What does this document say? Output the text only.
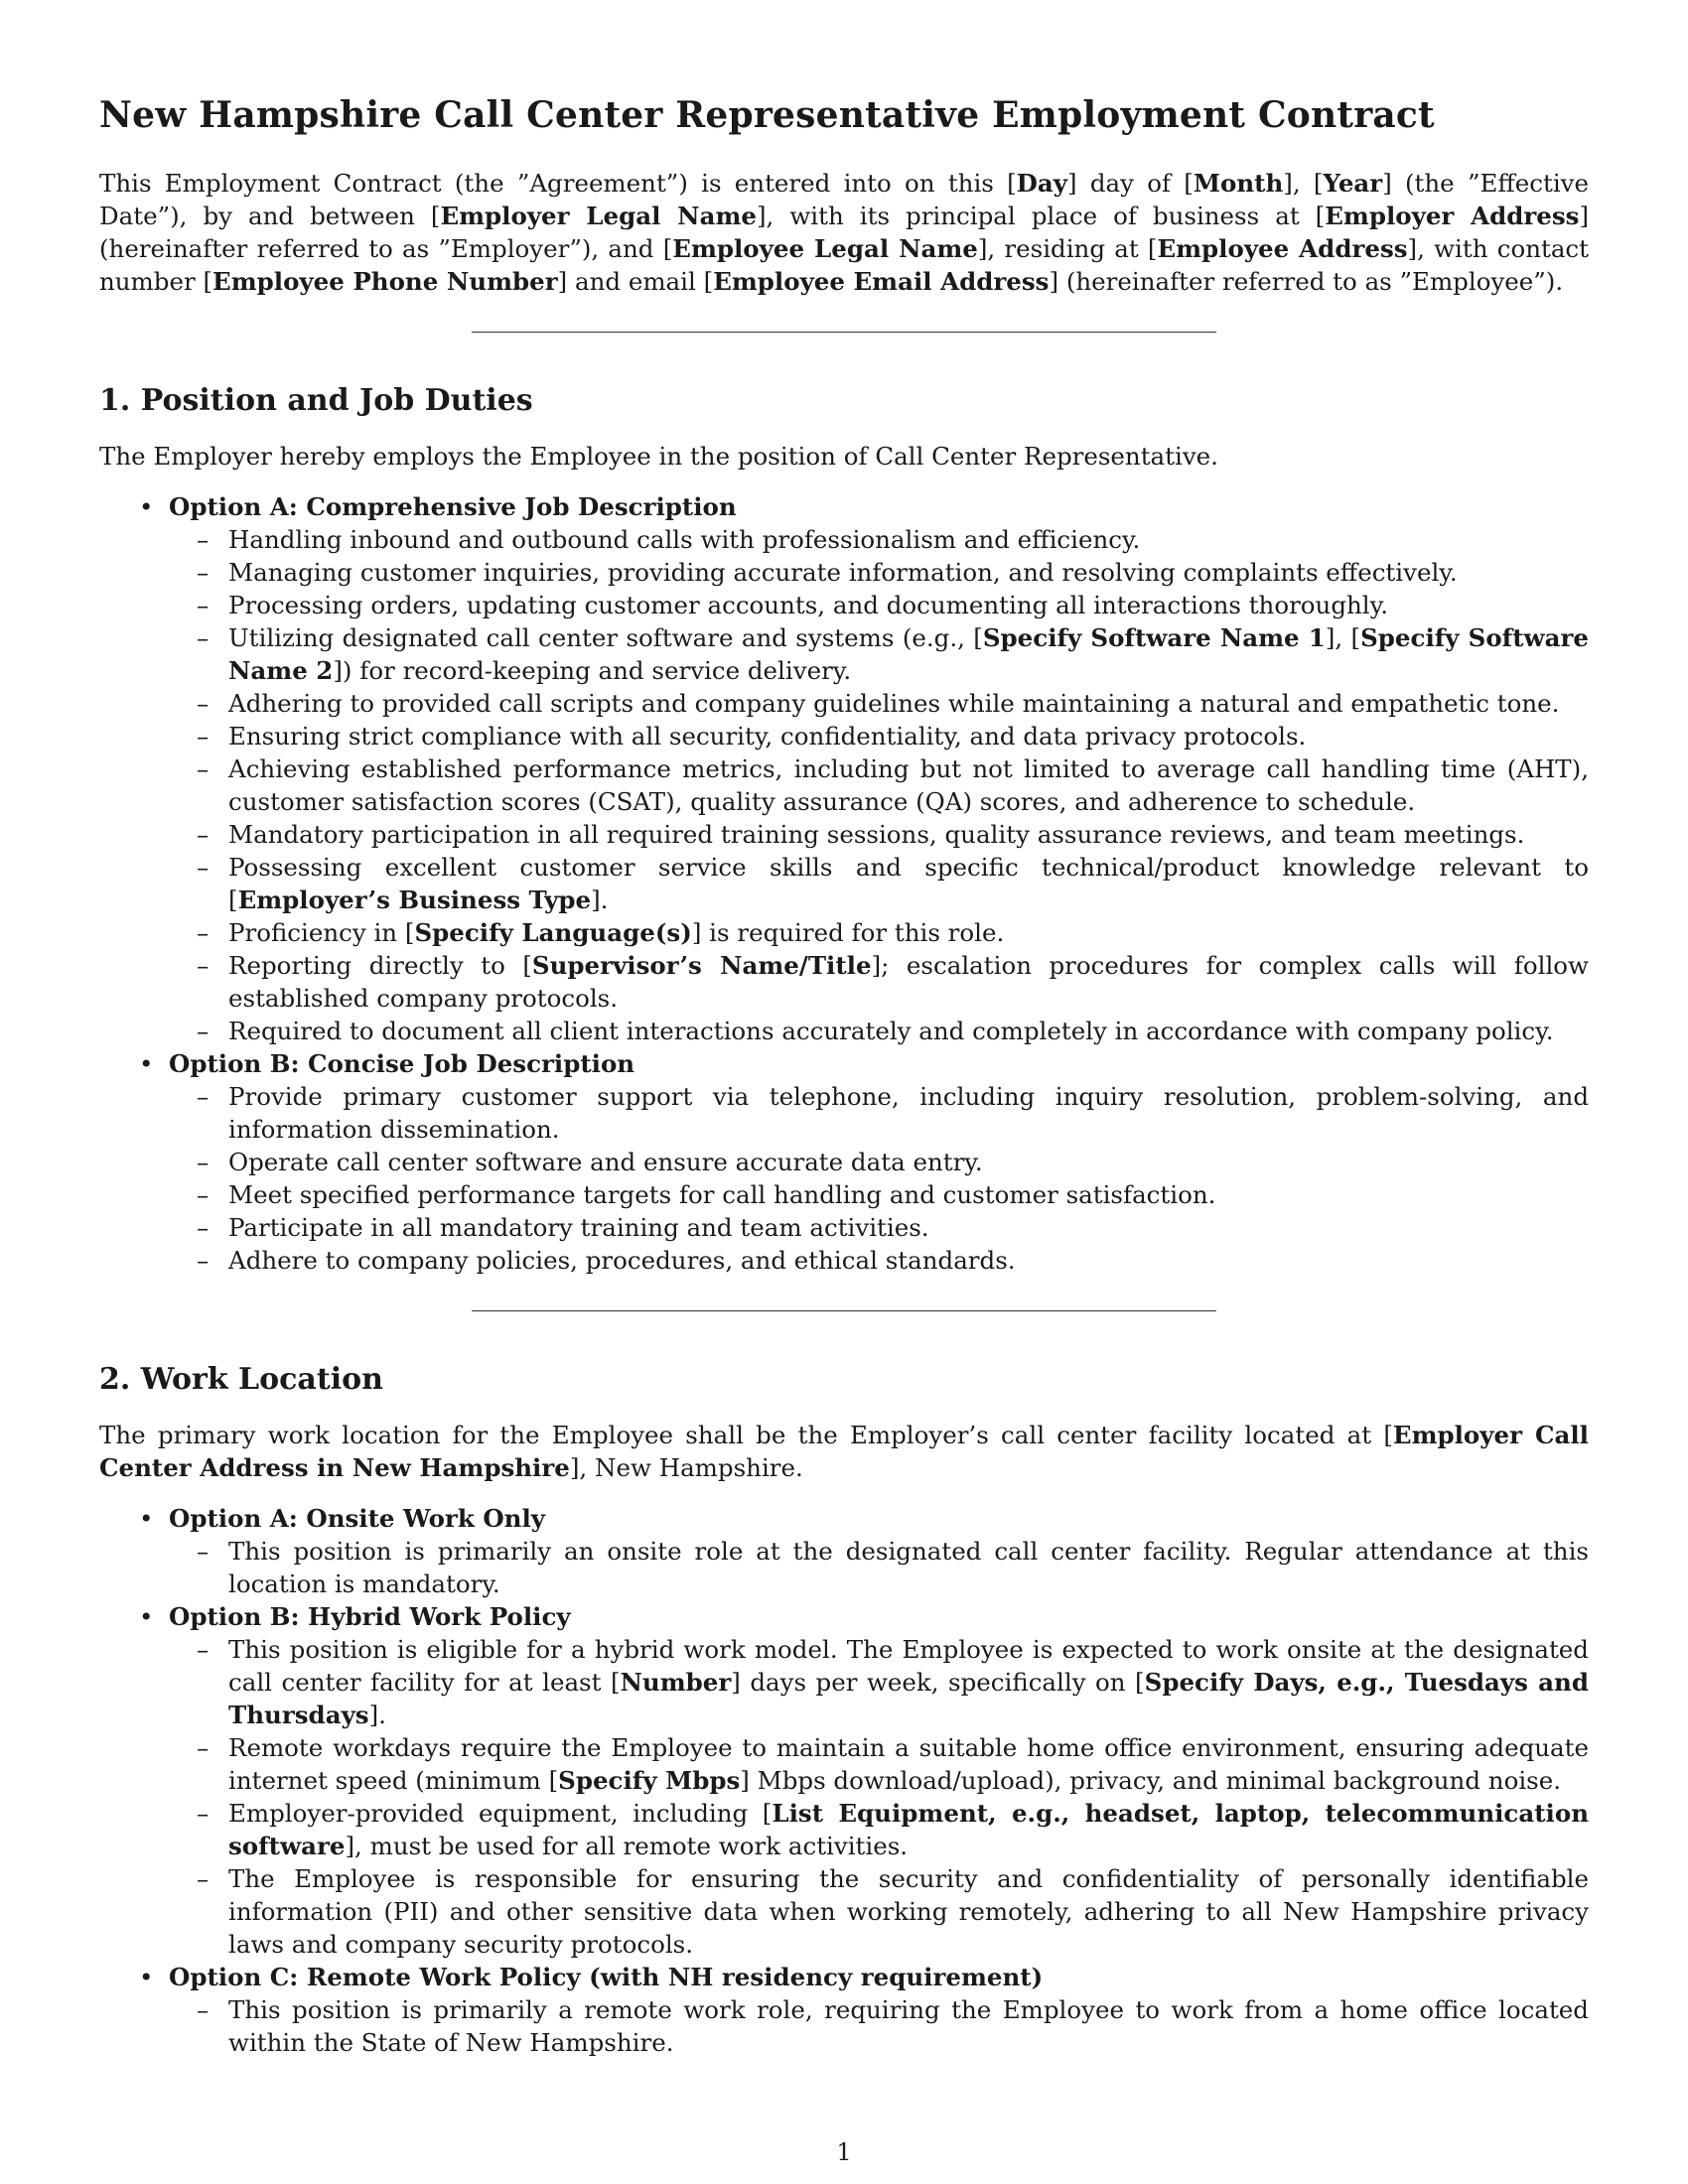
New Hampshire Call Center Representative Employment Contract

This Employment Contract (the ”Agreement”) is entered into on this [Day] day of [Month], [Year] (the ”Effective Date”), by and between [Employer Legal Name], with its principal place of business at [Employer Address] (hereinafter referred to as ”Employer”), and [Employee Legal Name], residing at [Employee Address], with contact number [Employee Phone Number] and email [Employee Email Address] (hereinafter referred to as ”Employee”).

1. Position and Job Duties

The Employer hereby employs the Employee in the position of Call Center Representative.

• Option A: Comprehensive Job Description
– Handling inbound and outbound calls with professionalism and efficiency.
– Managing customer inquiries, providing accurate information, and resolving complaints effectively.
– Processing orders, updating customer accounts, and documenting all interactions thoroughly.
– Utilizing designated call center software and systems (e.g., [Specify Software Name 1], [Specify Software Name 2]) for record-keeping and service delivery.
– Adhering to provided call scripts and company guidelines while maintaining a natural and empathetic tone.
– Ensuring strict compliance with all security, confidentiality, and data privacy protocols.
– Achieving established performance metrics, including but not limited to average call handling time (AHT), customer satisfaction scores (CSAT), quality assurance (QA) scores, and adherence to schedule.
– Mandatory participation in all required training sessions, quality assurance reviews, and team meetings.
– Possessing excellent customer service skills and specific technical/product knowledge relevant to [Employer’s Business Type].
– Proficiency in [Specify Language(s)] is required for this role.
– Reporting directly to [Supervisor’s Name/Title]; escalation procedures for complex calls will follow established company protocols.
– Required to document all client interactions accurately and completely in accordance with company policy.
• Option B: Concise Job Description
– Provide primary customer support via telephone, including inquiry resolution, problem-solving, and information dissemination.
– Operate call center software and ensure accurate data entry.
– Meet specified performance targets for call handling and customer satisfaction.
– Participate in all mandatory training and team activities.
– Adhere to company policies, procedures, and ethical standards.
2. Work Location

The primary work location for the Employee shall be the Employer’s call center facility located at [Employer Call Center Address in New Hampshire], New Hampshire.

• Option A: Onsite Work Only
– This position is primarily an onsite role at the designated call center facility. Regular attendance at this location is mandatory.
• Option B: Hybrid Work Policy
– This position is eligible for a hybrid work model. The Employee is expected to work onsite at the designated call center facility for at least [Number] days per week, specifically on [Specify Days, e.g., Tuesdays and Thursdays].
– Remote workdays require the Employee to maintain a suitable home office environment, ensuring adequate internet speed (minimum [Specify Mbps] Mbps download/upload), privacy, and minimal background noise.
– Employer-provided equipment, including [List Equipment, e.g., headset, laptop, telecommunication software], must be used for all remote work activities.
– The Employee is responsible for ensuring the security and confidentiality of personally identifiable information (PII) and other sensitive data when working remotely, adhering to all New Hampshire privacy laws and company security protocols.
• Option C: Remote Work Policy (with NH residency requirement)
– This position is primarily a remote work role, requiring the Employee to work from a home office located within the State of New Hampshire.
1
